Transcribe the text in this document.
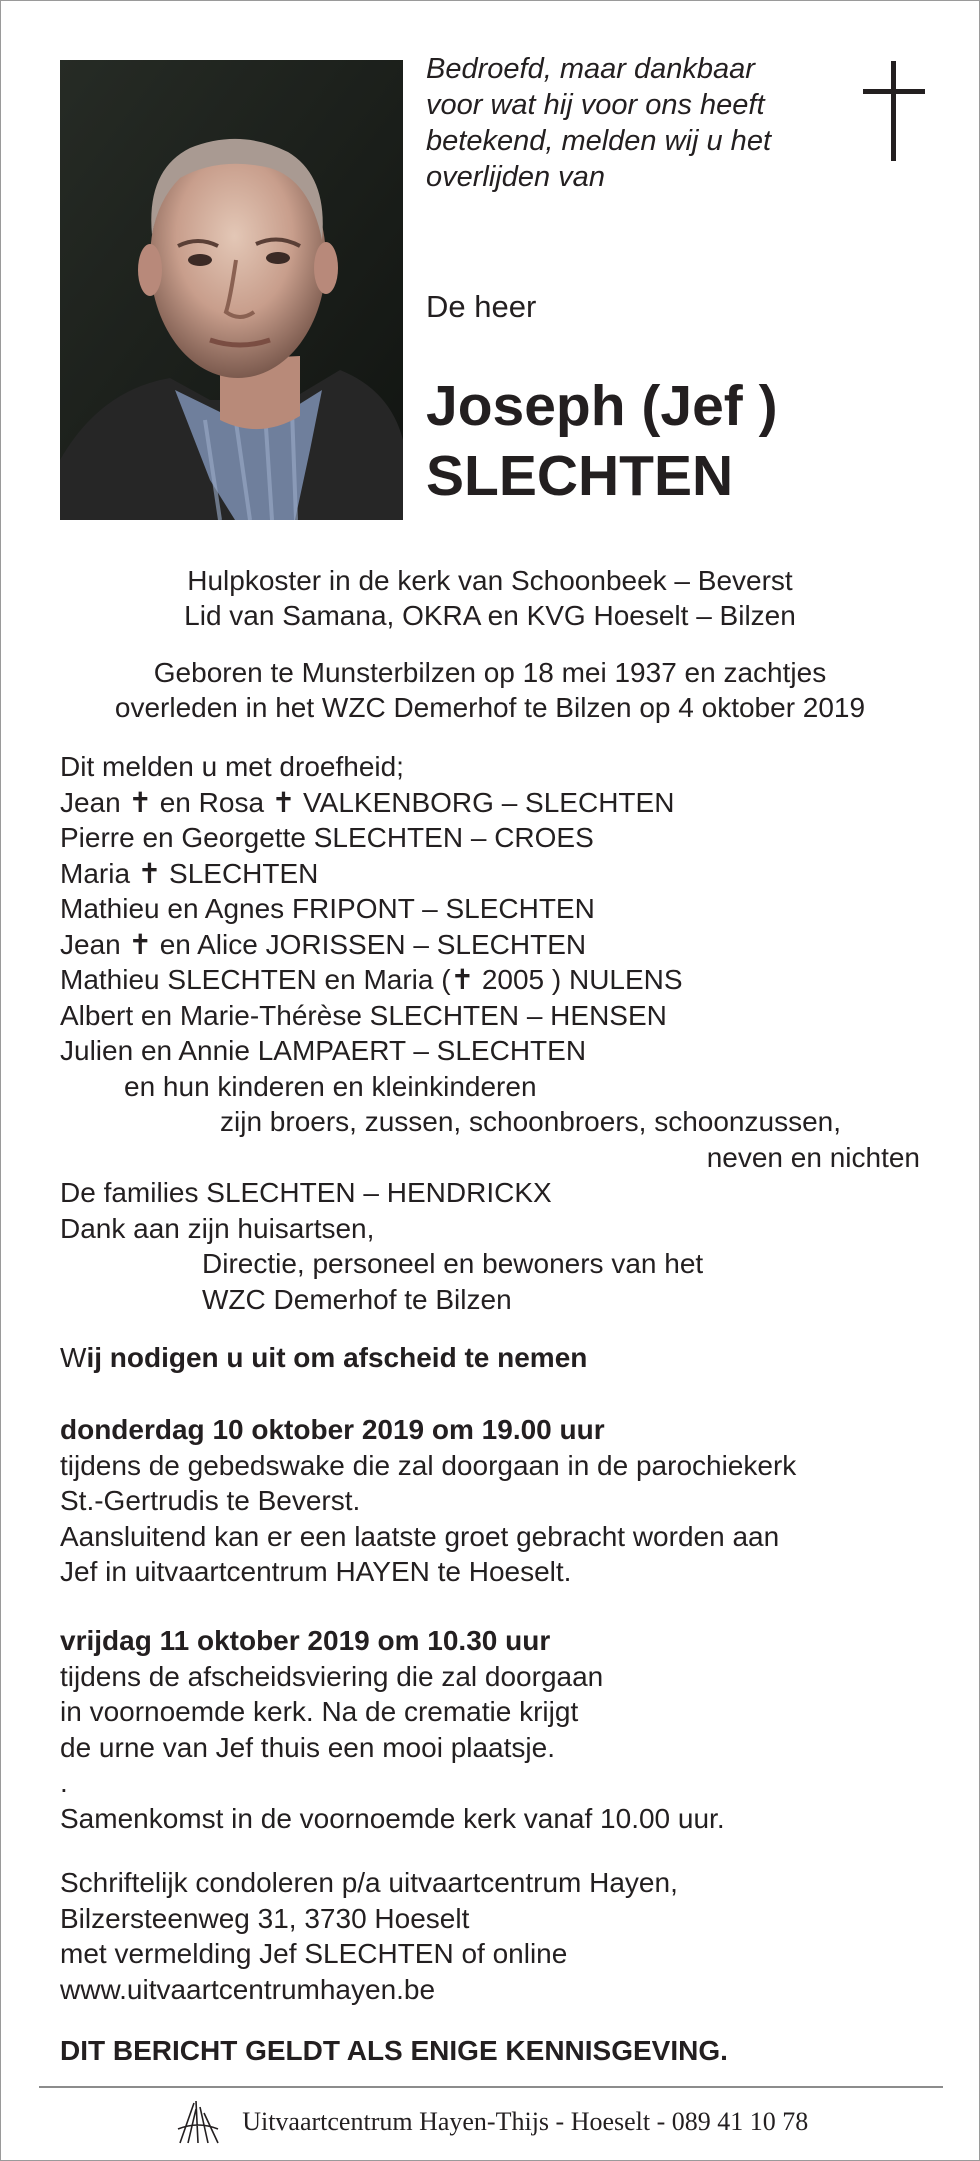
Bedroefd, maar dankbaar
voor wat hij voor ons heeft
betekend, melden wij u het
overlijden van
De heer
Joseph (Jef )
SLECHTEN
Hulpkoster in de kerk van Schoonbeek – Beverst
Lid van Samana, OKRA en KVG Hoeselt – Bilzen
Geboren te Munsterbilzen op 18 mei 1937 en zachtjes
overleden in het WZC Demerhof te Bilzen op 4 oktober 2019
Dit melden u met droefheid;
Jean ✝ en Rosa ✝ VALKENBORG – SLECHTEN
Pierre en Georgette SLECHTEN – CROES
Maria ✝ SLECHTEN
Mathieu en Agnes FRIPONT – SLECHTEN
Jean ✝ en Alice JORISSEN – SLECHTEN
Mathieu SLECHTEN en Maria (✝ 2005 ) NULENS
Albert en Marie-Thérèse SLECHTEN – HENSEN
Julien en Annie LAMPAERT – SLECHTEN
en hun kinderen en kleinkinderen
zijn broers, zussen, schoonbroers, schoonzussen,
neven en nichten
De families SLECHTEN – HENDRICKX
Dank aan zijn huisartsen,
Directie, personeel en bewoners van het
WZC Demerhof te Bilzen
Wij nodigen u uit om afscheid te nemen
donderdag 10 oktober 2019 om 19.00 uur
tijdens de gebedswake die zal doorgaan in de parochiekerk
St.-Gertrudis te Beverst.
Aansluitend kan er een laatste groet gebracht worden aan
Jef in uitvaartcentrum HAYEN te Hoeselt.
vrijdag 11 oktober 2019 om 10.30 uur
tijdens de afscheidsviering die zal doorgaan
in voornoemde kerk. Na de crematie krijgt
de urne van Jef thuis een mooi plaatsje.
.
Samenkomst in de voornoemde kerk vanaf 10.00 uur.
Schriftelijk condoleren p/a uitvaartcentrum Hayen,
Bilzersteenweg 31, 3730 Hoeselt
met vermelding Jef SLECHTEN of online
www.uitvaartcentrumhayen.be
DIT BERICHT GELDT ALS ENIGE KENNISGEVING.
Uitvaartcentrum Hayen-Thijs - Hoeselt - 089 41 10 78
